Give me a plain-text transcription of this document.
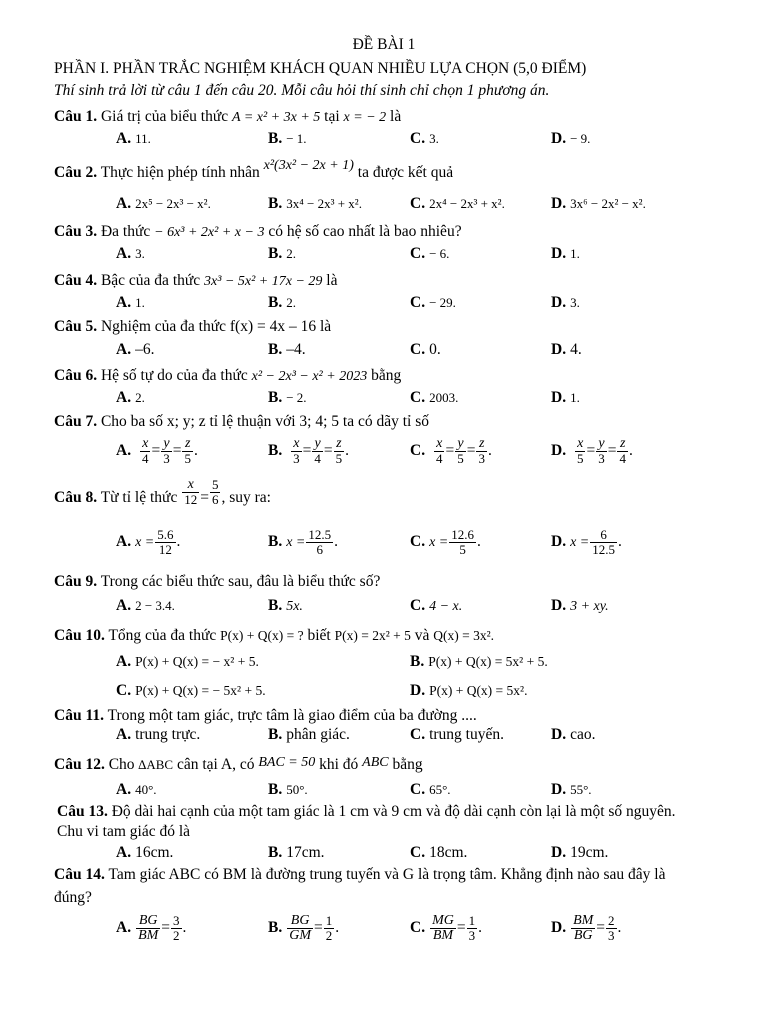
ĐỀ BÀI 1
PHẦN I. PHẦN TRẮC NGHIỆM KHÁCH QUAN NHIỀU LỰA CHỌN (5,0 ĐIỂM)
Thí sinh trả lời từ câu 1 đến câu 20. Mỗi câu hỏi thí sinh chỉ chọn 1 phương án.
Câu 1. Giá trị của biểu thức A = x² + 3x + 5 tại x = − 2 là
A. 11.	B. − 1.	C. 3.	D. − 9.
Câu 2. Thực hiện phép tính nhân x²(3x² − 2x + 1) ta được kết quả
A. 2x⁵ − 2x³ − x².	B. 3x⁴ − 2x³ + x².	C. 2x⁴ − 2x³ + x².	D. 3x⁶ − 2x² − x².
Câu 3. Đa thức − 6x³ + 2x² + x − 3 có hệ số cao nhất là bao nhiêu?
A. 3.	B. 2.	C. − 6.	D. 1.
Câu 4. Bậc của đa thức 3x³ − 5x² + 17x − 29 là
A. 1.	B. 2.	C. − 29.	D. 3.
Câu 5. Nghiệm của đa thức f(x) = 4x – 16 là
A. –6.	B. –4.	C. 0.	D. 4.
Câu 6. Hệ số tự do của đa thức x² − 2x³ − x² + 2023 bằng
A. 2.	B. − 2.	C. 2003.	D. 1.
Câu 7. Cho ba số x; y; z tỉ lệ thuận với 3; 4; 5 ta có dãy tỉ số
A. $\frac{x}{4} = \frac{y}{3} = \frac{z}{5}$ .	B. $\frac{x}{3} = \frac{y}{4} = \frac{z}{5}$ .	C. $\frac{x}{4} = \frac{y}{5} = \frac{z}{3}$ .	D. $\frac{x}{5} = \frac{y}{3} = \frac{z}{4}$ .
Câu 8. Từ tỉ lệ thức $\frac{x}{12} = \frac{5}{6}$ , suy ra:
A. $x = \frac{5.6}{12}$ .	B. $x = \frac{12.5}{6}$ .	C. $x = \frac{12.6}{5}$ .	D. $x = \frac{6}{12.5}$ .
Câu 9. Trong các biểu thức sau, đâu là biểu thức số?
A. 2 − 3.4.	B. 5x.	C. 4 − x.	D. 3 + xy.
Câu 10. Tổng của đa thức P(x) + Q(x) = ? biết P(x) = 2x² + 5 và Q(x) = 3x².
A. P(x) + Q(x) = − x² + 5.	B. P(x) + Q(x) = 5x² + 5.
C. P(x) + Q(x) = − 5x² + 5.	D. P(x) + Q(x) = 5x².
Câu 11. Trong một tam giác, trực tâm là giao điểm của ba đường ....
A. trung trực.	B. phân giác.	C. trung tuyến.	D. cao.
Câu 12. Cho ∆ABC cân tại A, có BAC = 50 khi đó ABC bằng
A. 40°.	B. 50°.	C. 65°.	D. 55°.
Câu 13. Độ dài hai cạnh của một tam giác là 1 cm và 9 cm và độ dài cạnh còn lại là một số nguyên.
Chu vi tam giác đó là
A. 16cm.	B. 17cm.	C. 18cm.	D. 19cm.
Câu 14. Tam giác ABC có BM là đường trung tuyến và G là trọng tâm. Khẳng định nào sau đây là
đúng?
A. $\frac{BG}{BM} = \frac{3}{2}$ .	B. $\frac{BG}{GM} = \frac{1}{2}$ .	C. $\frac{MG}{BM} = \frac{1}{3}$ .	D. $\frac{BM}{BG} = \frac{2}{3}$ .
